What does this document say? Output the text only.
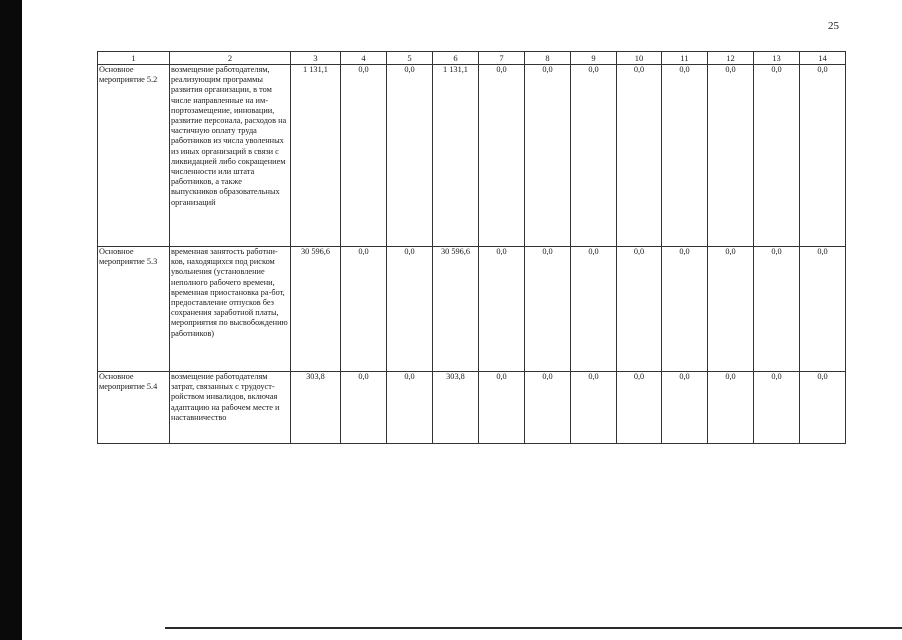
25
1	2	3	4	5	6	7	8	9	10	11	12	13	14
Основное мероприятие 5.2	возмещение работодателям, реализующим программы развития организации, в том числе направленные на им-портозамещение, инновации, развитие персонала, расходов на частичную оплату труда работников из числа уволенных из иных организаций в связи с ликвидацией либо сокращением численности или штата работников, а также выпускников образовательных организаций	1 131,1	0,0	0,0	1 131,1	0,0	0,0	0,0	0,0	0,0	0,0	0,0	0,0
Основное мероприятие 5.3	временная занятость работни-ков, находящихся под риском увольнения (установление неполного рабочего времени, временная приостановка ра-бот, предоставление отпусков без сохранения заработной платы, мероприятия по высвобождению работников)	30 596,6	0,0	0,0	30 596,6	0,0	0,0	0,0	0,0	0,0	0,0	0,0	0,0
Основное мероприятие 5.4	возмещение работодателям затрат, связанных с трудоуст-ройством инвалидов, включая адаптацию на рабочем месте и наставничество	303,8	0,0	0,0	303,8	0,0	0,0	0,0	0,0	0,0	0,0	0,0	0,0
